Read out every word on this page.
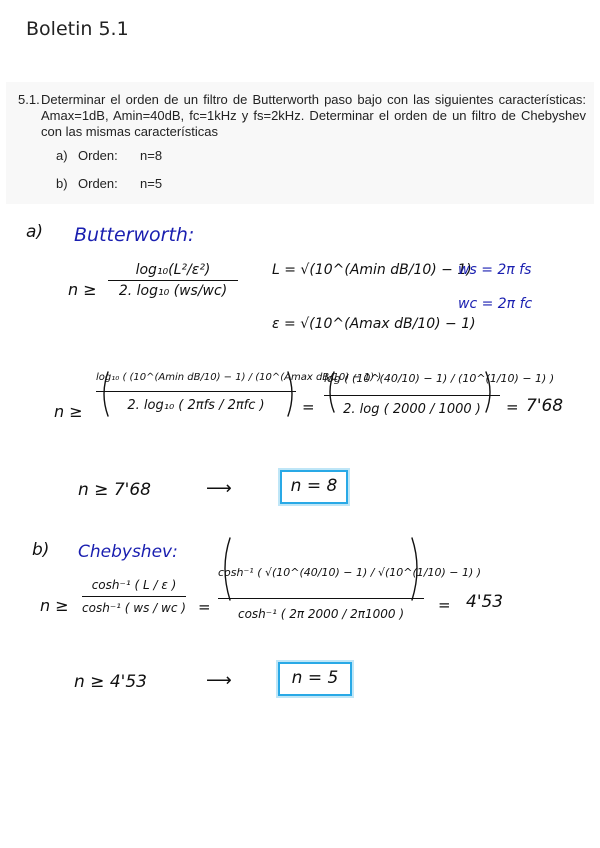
Boletin 5.1
5.1. Determinar el orden de un filtro de Butterworth paso bajo con las siguientes características: Amax=1dB, Amin=40dB, fc=1kHz y fs=2kHz. Determinar el orden de un filtro de Chebyshev con las mismas características
a) Orden: n=8
b) Orden: n=5
a) Butterworth:
n ≥
log₁₀(L²/ε²)
2. log₁₀ (ws/wc)
L = √(10^(Amin dB/10) − 1)
ε = √(10^(Amax dB/10) − 1)
ws = 2π fs
wc = 2π fc
n ≥
log₁₀ ( (10^(Amin dB/10) − 1) / (10^(Amax dB/10) − 1) )
2. log₁₀ ( 2πfs / 2πfc )	=
log ( (10^(40/10) − 1) / (10^(1/10) − 1) )
2. log ( 2000 / 1000 )	= 7'68
n ≥ 7'68	⟶	n = 8
b) Chebyshev:
n ≥
cosh⁻¹ ( L / ε )
cosh⁻¹ ( ws / wc ) =
cosh⁻¹ ( √(10^(40/10) − 1) / √(10^(1/10) − 1) )
cosh⁻¹ ( 2π 2000 / 2π1000 )	= 4'53
n ≥ 4'53	⟶	n = 5
